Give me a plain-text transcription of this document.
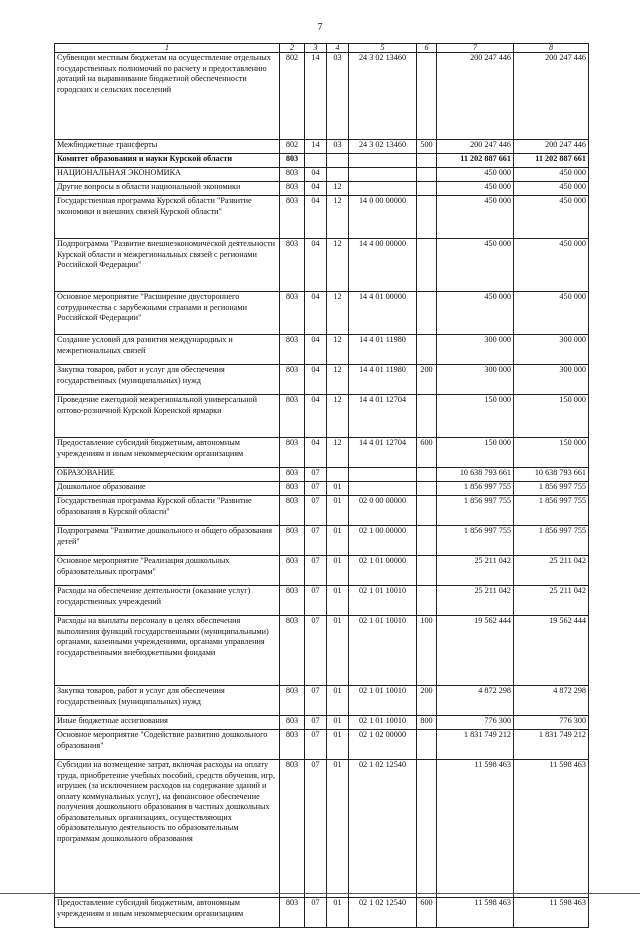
7
1	2	3	4	5	6	7	8
Субвенции местным бюджетам на осуществление отдельных государственных полномочий по расчету и предоставлению дотаций на выравнивание бюджетной обеспеченности городских и сельских поселений	802	14	03	24 3 02 13460		200 247 446	200 247 446
Межбюджетные трансферты	802	14	03	24 3 02 13460	500	200 247 446	200 247 446
Комитет образования и науки Курской области	803					11 202 887 661	11 202 887 661
НАЦИОНАЛЬНАЯ ЭКОНОМИКА	803	04				450 000	450 000
Другие вопросы в области национальной экономики	803	04	12			450 000	450 000
Государственная программа Курской области "Развитие экономики и внешних связей Курской области"	803	04	12	14 0 00 00000		450 000	450 000
Подпрограмма "Развитие внешнеэкономической деятельности Курской области и межрегиональных связей с регионами Российской Федерации"	803	04	12	14 4 00 00000		450 000	450 000
Основное мероприятие "Расширение двустороннего сотрудничества с зарубежными странами и регионами Российской Федерации"	803	04	12	14 4 01 00000		450 000	450 000
Создание условий для развития международных и межрегиональных связей	803	04	12	14 4 01 11980		300 000	300 000
Закупка товаров, работ и услуг для обеспечения государственных (муниципальных) нужд	803	04	12	14 4 01 11980	200	300 000	300 000
Проведение ежегодной межрегиональной универсальной оптово-розничной Курской Коренской ярмарки	803	04	12	14 4 01 12704		150 000	150 000
Предоставление субсидий бюджетным, автономным учреждениям и иным некоммерческим организациям	803	04	12	14 4 01 12704	600	150 000	150 000
ОБРАЗОВАНИЕ	803	07				10 638 793 661	10 638 793 661
Дошкольное образование	803	07	01			1 856 997 755	1 856 997 755
Государственная программа Курской области "Развитие образования в Курской области"	803	07	01	02 0 00 00000		1 856 997 755	1 856 997 755
Подпрограмма "Развитие дошкольного и общего образования детей"	803	07	01	02 1 00 00000		1 856 997 755	1 856 997 755
Основное мероприятие "Реализация дошкольных образовательных программ"	803	07	01	02 1 01 00000		25 211 042	25 211 042
Расходы на обеспечение деятельности (оказание услуг) государственных учреждений	803	07	01	02 1 01 10010		25 211 042	25 211 042
Расходы на выплаты персоналу в целях обеспечения выполнения функций государственными (муниципальными) органами, казенными учреждениями, органами управления государственными внебюджетными фондами	803	07	01	02 1 01 10010	100	19 562 444	19 562 444
Закупка товаров, работ и услуг для обеспечения государственных (муниципальных) нужд	803	07	01	02 1 01 10010	200	4 872 298	4 872 298
Иные бюджетные ассигнования	803	07	01	02 1 01 10010	800	776 300	776 300
Основное мероприятие "Содействие развитию дошкольного образования"	803	07	01	02 1 02 00000		1 831 749 212	1 831 749 212
Субсидии на возмещение затрат, включая расходы на оплату труда, приобретение учебных пособий, средств обучения, игр, игрушек (за исключением расходов на содержание зданий и оплату коммунальных услуг), на финансовое обеспечение получения дошкольного образования в частных дошкольных образовательных организациях, осуществляющих образовательную деятельность по образовательным программам дошкольного образования	803	07	01	02 1 02 12540		11 598 463	11 598 463
Предоставление субсидий бюджетным, автономным учреждениям и иным некоммерческим организациям	803	07	01	02 1 02 12540	600	11 598 463	11 598 463
